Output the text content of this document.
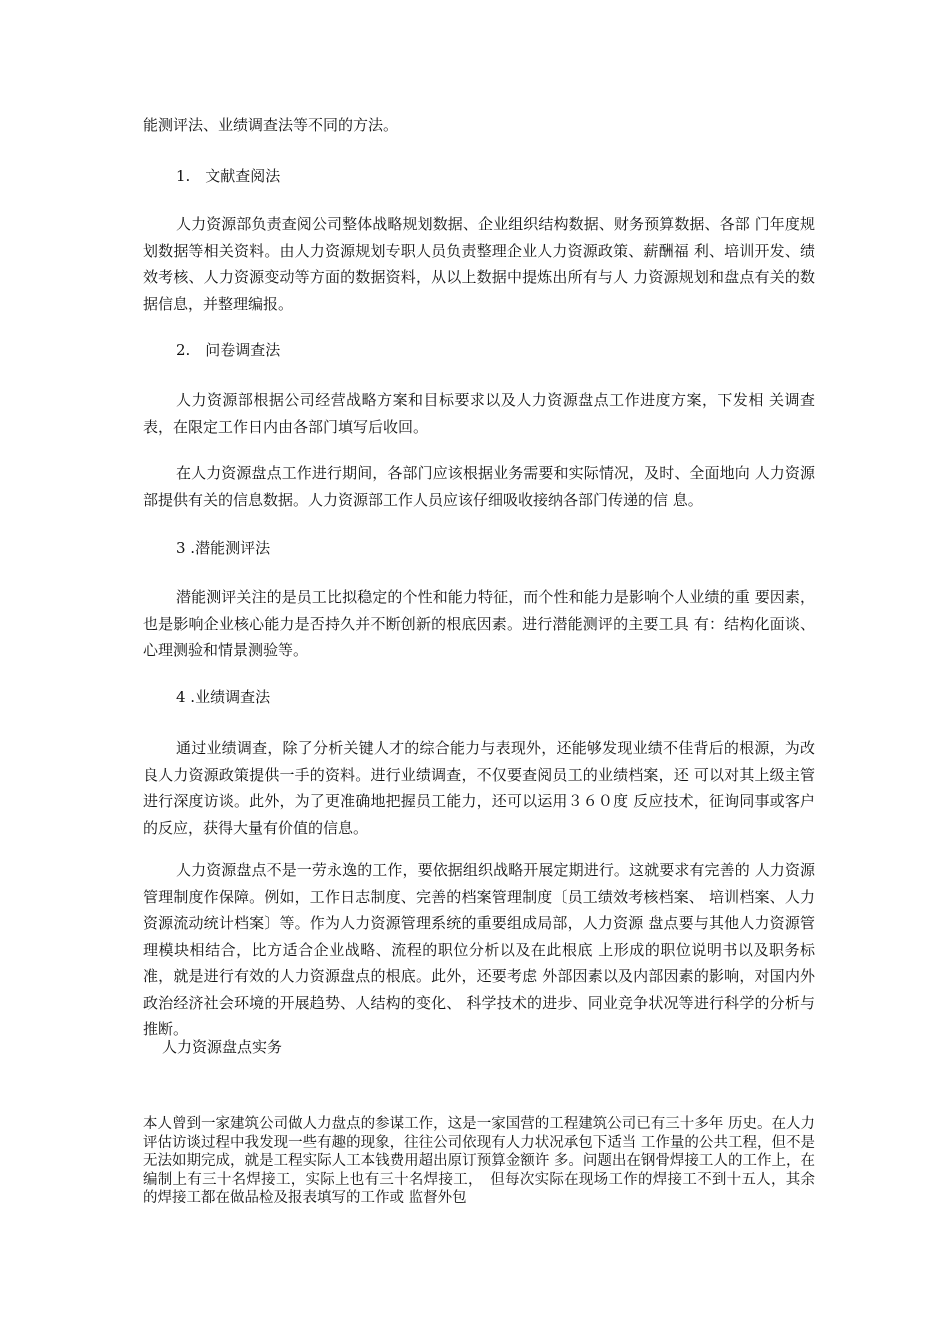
能测评法、业绩调查法等不同的方法。

1.　文献查阅法

人力资源部负责查阅公司整体战略规划数据、企业组织结构数据、财务预算数据、各部 门年度规划数据等相关资料。由人力资源规划专职人员负责整理企业人力资源政策、薪酬福 利、培训开发、绩效考核、人力资源变动等方面的数据资料，从以上数据中提炼出所有与人 力资源规划和盘点有关的数据信息，并整理编报。

2.　问卷调查法

人力资源部根据公司经营战略方案和目标要求以及人力资源盘点工作进度方案，下发相 关调查表，在限定工作日内由各部门填写后收回。

在人力资源盘点工作进行期间，各部门应该根据业务需要和实际情况，及时、全面地向 人力资源部提供有关的信息数据。人力资源部工作人员应该仔细吸收接纳各部门传递的信 息。

3 .潜能测评法

潜能测评关注的是员工比拟稳定的个性和能力特征，而个性和能力是影响个人业绩的重 要因素，也是影响企业核心能力是否持久并不断创新的根底因素。进行潜能测评的主要工具 有：结构化面谈、心理测验和情景测验等。

4 .业绩调查法

通过业绩调查，除了分析关键人才的综合能力与表现外，还能够发现业绩不佳背后的根源，为改良人力资源政策提供一手的资料。进行业绩调查，不仅要查阅员工的业绩档案，还 可以对其上级主管进行深度访谈。此外，为了更准确地把握员工能力，还可以运用３６０度 反应技术，征询同事或客户的反应，获得大量有价值的信息。

人力资源盘点不是一劳永逸的工作，要依据组织战略开展定期进行。这就要求有完善的 人力资源管理制度作保障。例如，工作日志制度、完善的档案管理制度〔员工绩效考核档案、 培训档案、人力资源流动统计档案〕等。作为人力资源管理系统的重要组成局部，人力资源 盘点要与其他人力资源管理模块相结合，比方适合企业战略、流程的职位分析以及在此根底 上形成的职位说明书以及职务标准，就是进行有效的人力资源盘点的根底。此外，还要考虑 外部因素以及内部因素的影响，对国内外政治经济社会环境的开展趋势、人结构的变化、 科学技术的进步、同业竞争状况等进行科学的分析与推断。

人力资源盘点实务

本人曾到一家建筑公司做人力盘点的参谋工作，这是一家国营的工程建筑公司已有三十多年 历史。在人力评估访谈过程中我发现一些有趣的现象，往往公司依现有人力状况承包下适当 工作量的公共工程，但不是无法如期完成，就是工程实际人工本钱费用超出原订预算金额许 多。问题出在钢骨焊接工人的工作上，在编制上有三十名焊接工，实际上也有三十名焊接工，　但每次实际在现场工作的焊接工不到十五人，其余的焊接工都在做品检及报表填写的工作或 监督外包
